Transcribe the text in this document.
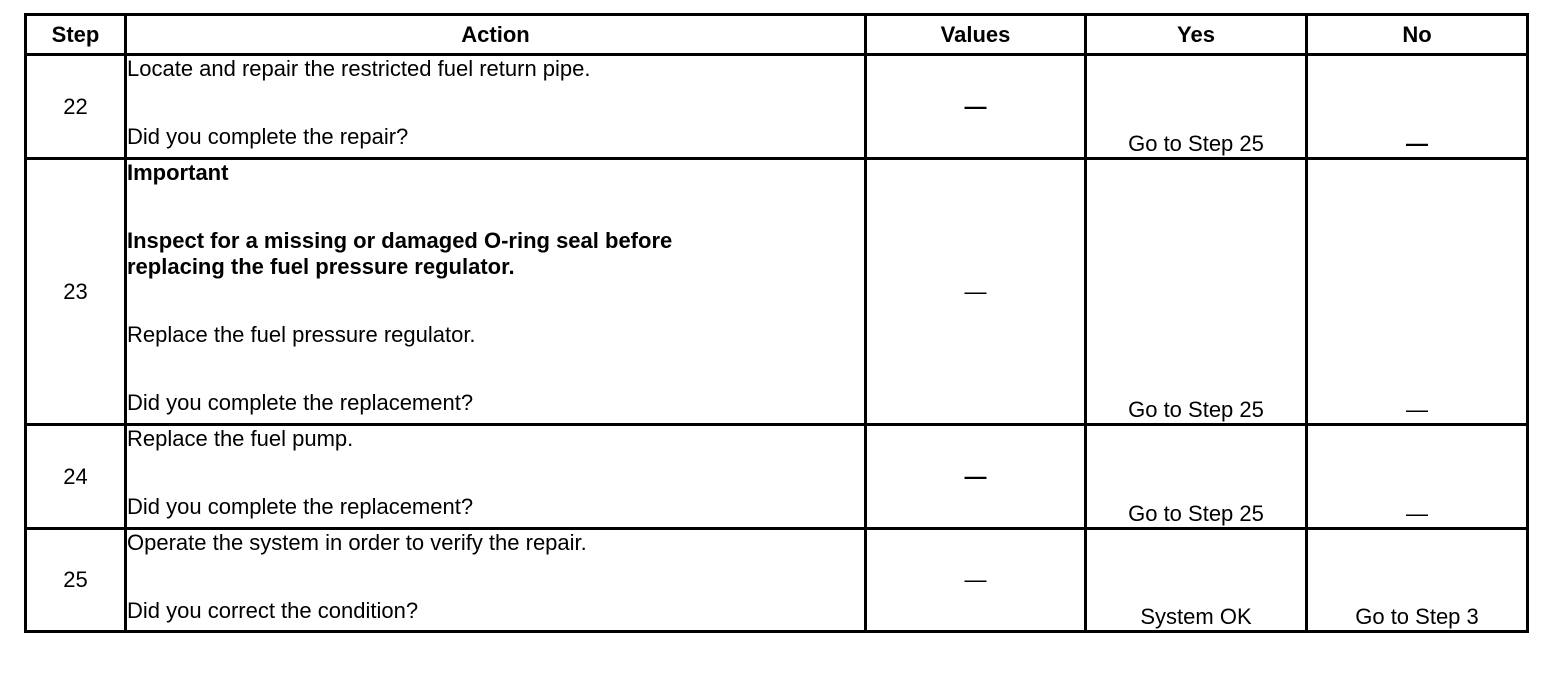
Step	Action	Values	Yes	No
22	Locate and repair the restricted fuel return pipe.
Did you complete the repair?	—	Go to Step 25	—
23	Important
Inspect for a missing or damaged O-ring seal before replacing the fuel pressure regulator.
Replace the fuel pressure regulator.
Did you complete the replacement?	—	Go to Step 25	—
24	Replace the fuel pump.
Did you complete the replacement?	—	Go to Step 25	—
25	Operate the system in order to verify the repair.
Did you correct the condition?	—	System OK	Go to Step 3
